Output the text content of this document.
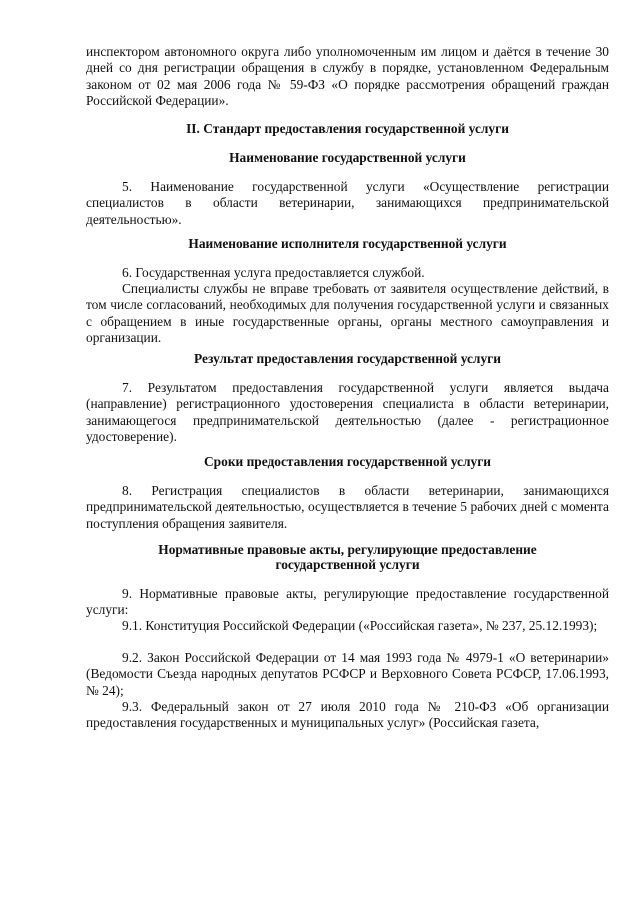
инспектором автономного округа либо уполномоченным им лицом и даётся в течение 30 дней со дня регистрации обращения в службу в порядке, установленном Федеральным законом от 02 мая 2006 года № 59-ФЗ «О порядке рассмотрения обращений граждан Российской Федерации».

II. Стандарт предоставления государственной услуги
Наименование государственной услуги

5. Наименование государственной услуги «Осуществление регистрации специалистов в области ветеринарии, занимающихся предпринимательской деятельностью».

Наименование исполнителя государственной услуги

6. Государственная услуга предоставляется службой.

Специалисты службы не вправе требовать от заявителя осуществление действий, в том числе согласований, необходимых для получения государственной услуги и связанных с обращением в иные государственные органы, органы местного самоуправления и организации.

Результат предоставления государственной услуги

7. Результатом предоставления государственной услуги является выдача (направление) регистрационного удостоверения специалиста в области ветеринарии, занимающегося предпринимательской деятельностью (далее - регистрационное удостоверение).

Сроки предоставления государственной услуги

8. Регистрация специалистов в области ветеринарии, занимающихся предпринимательской деятельностью, осуществляется в течение 5 рабочих дней с момента поступления обращения заявителя.

Нормативные правовые акты, регулирующие предоставление
государственной услуги

9. Нормативные правовые акты, регулирующие предоставление государственной услуги:

9.1. Конституция Российской Федерации («Российская газета», № 237, 25.12.1993);

9.2. Закон Российской Федерации от 14 мая 1993 года № 4979-1 «О ветеринарии» (Ведомости Съезда народных депутатов РСФСР и Верховного Совета РСФСР, 17.06.1993, № 24);

9.3. Федеральный закон от 27 июля 2010 года № 210-ФЗ «Об организации предоставления государственных и муниципальных услуг» (Российская газета,
